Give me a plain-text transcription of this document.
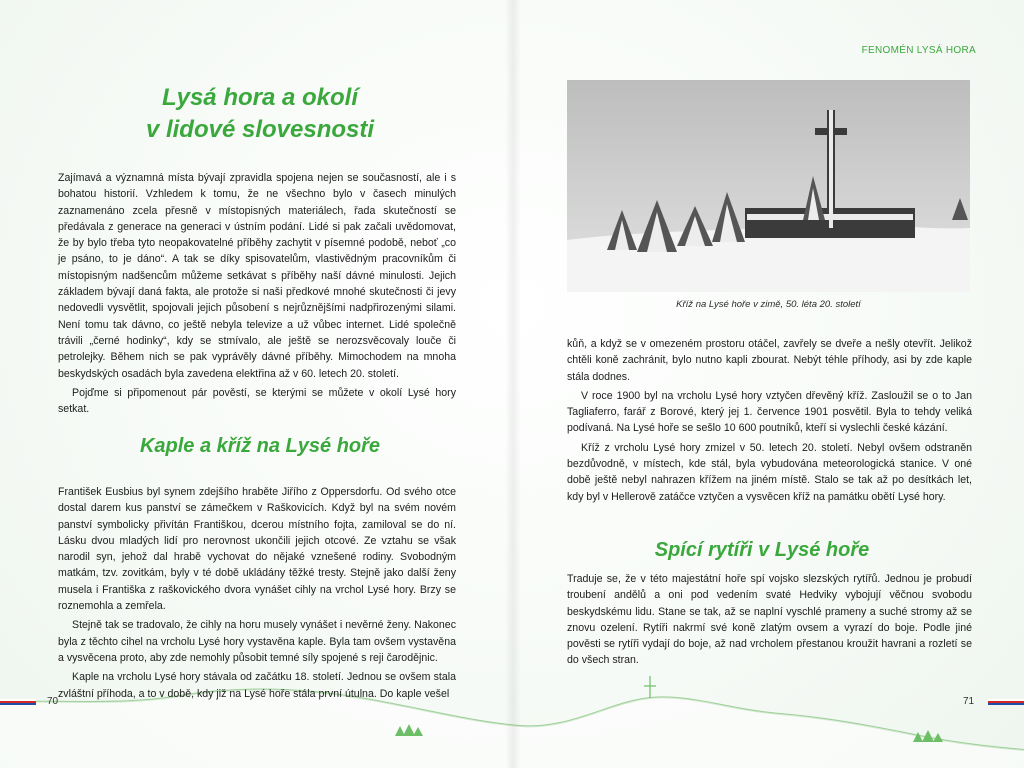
Lysá hora a okolí
v lidové slovesnosti

Zajímavá a významná místa bývají zpravidla spojena nejen se současností, ale i s bohatou historií. Vzhledem k tomu, že ne všechno bylo v časech minulých zaznamenáno zcela přesně v místopisných materiálech, řada skutečností se předávala z generace na generaci v ústním podání. Lidé si pak začali uvědomovat, že by bylo třeba tyto neopakovatelné příběhy zachytit v písemné podobě, neboť „co je psáno, to je dáno“. A tak se díky spisovatelům, vlastivědným pracovníkům či místopisným nadšencům můžeme setkávat s příběhy naší dávné minulosti. Jejich základem bývají daná fakta, ale protože si naši předkové mnohé skutečnosti či jevy nedovedli vysvětlit, spojovali jejich působení s nejrůznějšími nadpřirozenými silami. Není tomu tak dávno, co ještě nebyla televize a už vůbec internet. Lidé společně trávili „černé hodinky“, kdy se stmívalo, ale ještě se nerozsvěcovaly louče či petrolejky. Během nich se pak vyprávěly dávné příběhy. Mimochodem na mnoha beskydských osadách byla zavedena elektřina až v 60. letech 20. století.

Pojďme si připomenout pár pověstí, se kterými se můžete v okolí Lysé hory setkat.

Kaple a kříž na Lysé hoře

František Eusbius byl synem zdejšího hraběte Jiřího z Oppersdorfu. Od svého otce dostal darem kus panství se zámečkem v Raškovicích. Když byl na svém novém panství symbolicky přivítán Františkou, dcerou místního fojta, zamiloval se do ní. Lásku dvou mladých lidí pro nerovnost ukončili jejich otcové. Ze vztahu se však narodil syn, jehož dal hrabě vychovat do nějaké vznešené rodiny. Svobodným matkám, tzv. zovitkám, byly v té době ukládány těžké tresty. Stejně jako další ženy musela i Františka z raškovického dvora vynášet cihly na vrchol Lysé hory. Brzy se roznemohla a zemřela.

Stejně tak se tradovalo, že cihly na horu musely vynášet i nevěrné ženy. Nakonec byla z těchto cihel na vrcholu Lysé hory vystavěna kaple. Byla tam ovšem vystavěna a vysvěcena proto, aby zde nemohly působit temné síly spojené s reji čarodějnic.

Kaple na vrcholu Lysé hory stávala od začátku 18. století. Jednou se ovšem stala zvláštní příhoda, a to v době, kdy již na Lysé hoře stála první útulna. Do kaple vešel

70
FENOMÉN LYSÁ HORA
Kříž na Lysé hoře v zimě, 50. léta 20. století

kůň, a když se v omezeném prostoru otáčel, zavřely se dveře a nešly otevřít. Jelikož chtěli koně zachránit, bylo nutno kapli zbourat. Nebýt téhle příhody, asi by zde kaple stála dodnes.

V roce 1900 byl na vrcholu Lysé hory vztyčen dřevěný kříž. Zasloužil se o to Jan Tagliaferro, farář z Borové, který jej 1. července 1901 posvětil. Byla to tehdy veliká podívaná. Na Lysé hoře se sešlo 10 600 poutníků, kteří si vyslechli české kázání.

Kříž z vrcholu Lysé hory zmizel v 50. letech 20. století. Nebyl ovšem odstraněn bezdůvodně, v místech, kde stál, byla vybudována meteorologická stanice. V oné době ještě nebyl nahrazen křížem na jiném místě. Stalo se tak až po desítkách let, kdy byl v Hellerově zatáčce vztyčen a vysvěcen kříž na památku obětí Lysé hory.

Spící rytíři v Lysé hoře

Traduje se, že v této majestátní hoře spí vojsko slezských rytířů. Jednou je probudí troubení andělů a oni pod vedením svaté Hedviky vybojují věčnou svobodu beskydskému lidu. Stane se tak, až se naplní vyschlé prameny a suché stromy až se znovu ozelení. Rytíři nakrmí své koně zlatým ovsem a vyrazí do boje. Podle jiné pověsti se rytíři vydají do boje, až nad vrcholem přestanou kroužit havrani a rozletí se do všech stran.

71
